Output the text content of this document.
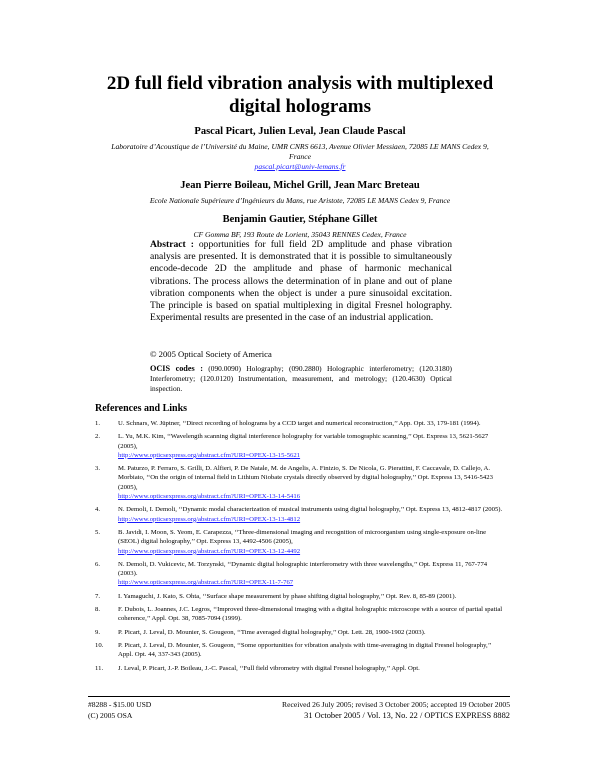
2D full field vibration analysis with multiplexed digital holograms
Pascal Picart, Julien Leval, Jean Claude Pascal
Laboratoire d’Acoustique de l’Université du Maine, UMR CNRS 6613, Avenue Olivier Messiaen, 72085 LE MANS Cedex 9, France
pascal.picart@univ-lemans.fr
Jean Pierre Boileau, Michel Grill, Jean Marc Breteau
Ecole Nationale Supérieure d’Ingénieurs du Mans, rue Aristote, 72085 LE MANS Cedex 9, France
Benjamin Gautier, Stéphane Gillet
CF Gomma BF, 193 Route de Lorient, 35043 RENNES Cedex, France
Abstract : opportunities for full field 2D amplitude and phase vibration analysis are presented. It is demonstrated that it is possible to simultaneously encode-decode 2D the amplitude and phase of harmonic mechanical vibrations. The process allows the determination of in plane and out of plane vibration components when the object is under a pure sinusoidal excitation. The principle is based on spatial multiplexing in digital Fresnel holography. Experimental results are presented in the case of an industrial application.
© 2005 Optical Society of America
OCIS codes : (090.0090) Holography; (090.2880) Holographic interferometry; (120.3180) Interferometry; (120.0120) Instrumentation, measurement, and metrology; (120.4630) Optical inspection.
References and Links
1.	U. Schnars, W. Jüptner, ‘‘Direct recording of holograms by a CCD target and numerical reconstruction,’’ App. Opt. 33, 179-181 (1994).
2.	L. Yu, M.K. Kim, ‘‘Wavelength scanning digital interference holography for variable tomographic scanning,’’ Opt. Express 13, 5621-5627 (2005),
http://www.opticsexpress.org/abstract.cfm?URI=OPEX-13-15-5621
3.	M. Paturzo, P. Ferraro, S. Grilli, D. Alfieri, P. De Natale, M. de Angelis, A. Finizio, S. De Nicola, G. Pierattini, F. Caccavale, D. Callejo, A. Morbiato, ‘‘On the origin of internal field in Lithium Niobate crystals directly observed by digital holography,’’ Opt. Express 13, 5416-5423 (2005),
http://www.opticsexpress.org/abstract.cfm?URI=OPEX-13-14-5416
4.	N. Demoli, I. Demoli, ‘‘Dynamic modal characterization of musical instruments using digital holography,’’ Opt. Express 13, 4812-4817 (2005). http://www.opticsexpress.org/abstract.cfm?URI=OPEX-13-13-4812
5.	B. Javidi, I. Moon, S. Yeom, E. Carapezza, ‘‘Three-dimensional imaging and recognition of microorganism using single-exposure on-line (SEOL) digital holography,’’ Opt. Express 13, 4492-4506 (2005),
http://www.opticsexpress.org/abstract.cfm?URI=OPEX-13-12-4492
6.	N. Demoli, D. Vukicevic, M. Torzynski, ‘‘Dynamic digital holographic interferometry with three wavelengths,’’ Opt. Express 11, 767-774 (2003).
http://www.opticsexpress.org/abstract.cfm?URI=OPEX-11-7-767
7.	I. Yamaguchi, J. Kato, S. Ohta, ‘‘Surface shape measurement by phase shifting digital holography,’’ Opt. Rev. 8, 85-89 (2001).
8.	F. Dubois, L. Joannes, J.C. Legros, ‘‘Improved three-dimensional imaging with a digital holographic microscope with a source of partial spatial coherence,’’ Appl. Opt. 38, 7085-7094 (1999).
9.	P. Picart, J. Leval, D. Mounier, S. Gougeon, ‘‘Time averaged digital holography,’’ Opt. Lett. 28, 1900-1902 (2003).
10.	P. Picart, J. Leval, D. Mounier, S. Gougeon, ‘‘Some opportunities for vibration analysis with time-averaging in digital Fresnel holography,’’ Appl. Opt. 44, 337-343 (2005).
11.	J. Leval, P. Picart, J.-P. Boileau, J.-C. Pascal, ‘‘Full field vibrometry with digital Fresnel holography,’’ Appl. Opt.
#8288 - $15.00 USD
(C) 2005 OSA
Received 26 July 2005; revised 3 October 2005; accepted 19 October 2005
31 October 2005 / Vol. 13, No. 22 / OPTICS EXPRESS 8882
